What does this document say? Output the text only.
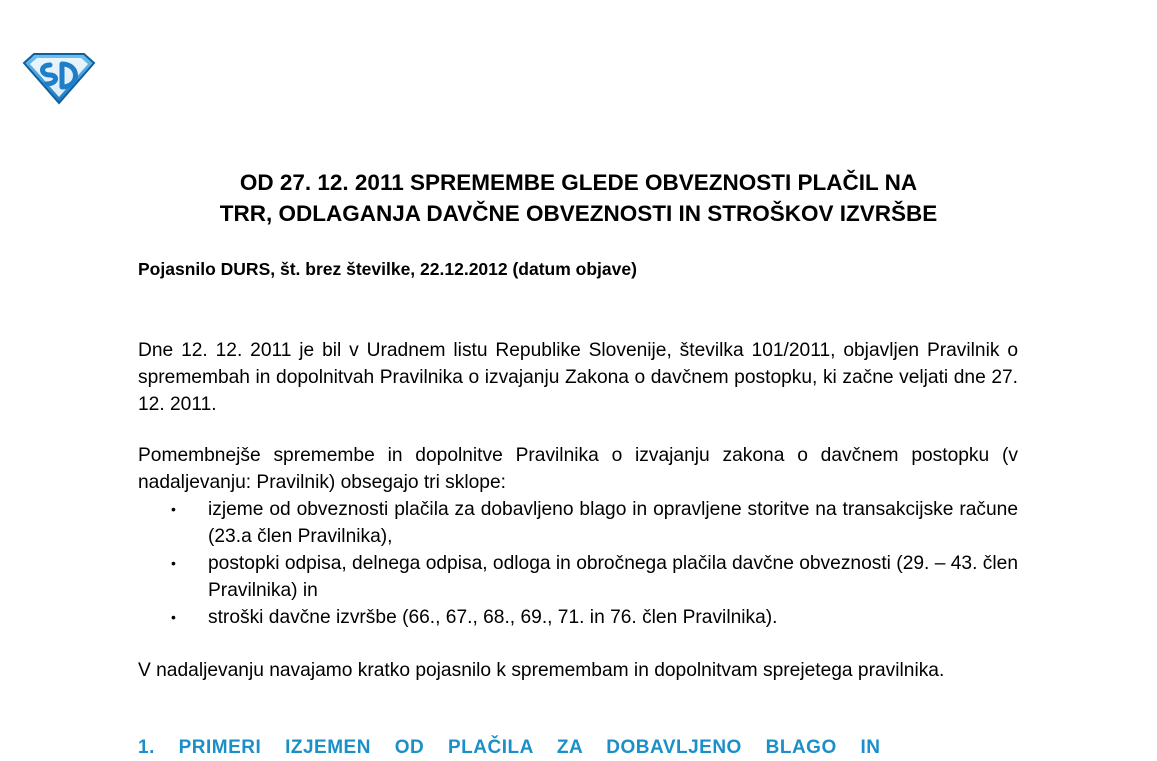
OD 27. 12. 2011 SPREMEMBE GLEDE OBVEZNOSTI PLAČIL NA
TRR, ODLAGANJA DAVČNE OBVEZNOSTI IN STROŠKOV IZVRŠBE

Pojasnilo DURS, št. brez številke, 22.12.2012 (datum objave)

Dne 12. 12. 2011 je bil v Uradnem listu Republike Slovenije, številka 101/2011, objavljen Pravilnik o spremembah in dopolnitvah Pravilnika o izvajanju Zakona o davčnem postopku, ki začne veljati dne 27. 12. 2011.

Pomembnejše spremembe in dopolnitve Pravilnika o izvajanju zakona o davčnem postopku (v nadaljevanju: Pravilnik) obsegajo tri sklope:

• izjeme od obveznosti plačila za dobavljeno blago in opravljene storitve na transakcijske račune (23.a člen Pravilnika),
• postopki odpisa, delnega odpisa, odloga in obročnega plačila davčne obveznosti (29. – 43. člen Pravilnika) in
• stroški davčne izvršbe (66., 67., 68., 69., 71. in 76. člen Pravilnika).

V nadaljevanju navajamo kratko pojasnilo k spremembam in dopolnitvam sprejetega pravilnika.

1. PRIMERI IZJEMEN OD PLAČILA ZA DOBAVLJENO BLAGO IN
